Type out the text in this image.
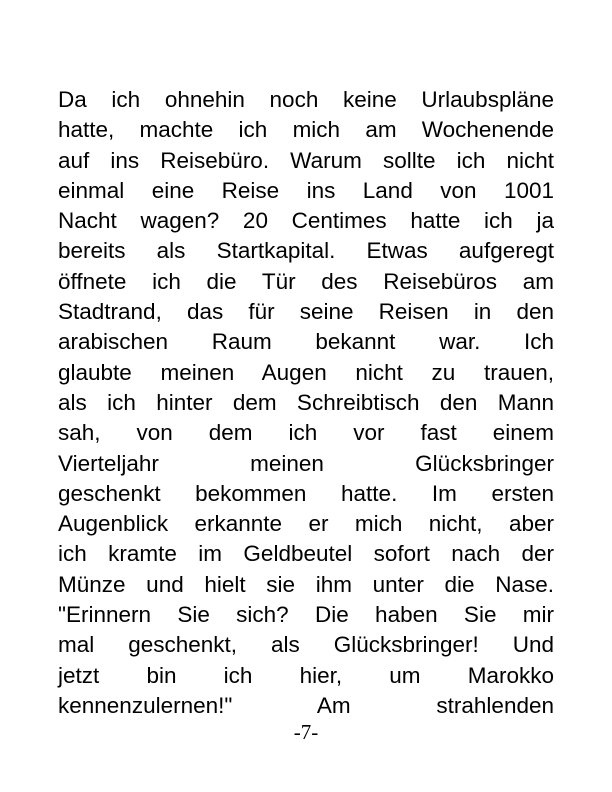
Da ich ohnehin noch keine Urlaubspläne
hatte, machte ich mich am Wochenende
auf ins Reisebüro. Warum sollte ich nicht
einmal eine Reise ins Land von 1001
Nacht wagen? 20 Centimes hatte ich ja
bereits als Startkapital. Etwas aufgeregt
öffnete ich die Tür des Reisebüros am
Stadtrand, das für seine Reisen in den
arabischen Raum bekannt war. Ich
glaubte meinen Augen nicht zu trauen,
als ich hinter dem Schreibtisch den Mann
sah, von dem ich vor fast einem
Vierteljahr meinen Glücksbringer
geschenkt bekommen hatte. Im ersten
Augenblick erkannte er mich nicht, aber
ich kramte im Geldbeutel sofort nach der
Münze und hielt sie ihm unter die Nase.
"Erinnern Sie sich? Die haben Sie mir
mal geschenkt, als Glücksbringer! Und
jetzt bin ich hier, um Marokko
kennenzulernen!" Am strahlenden
-7-
